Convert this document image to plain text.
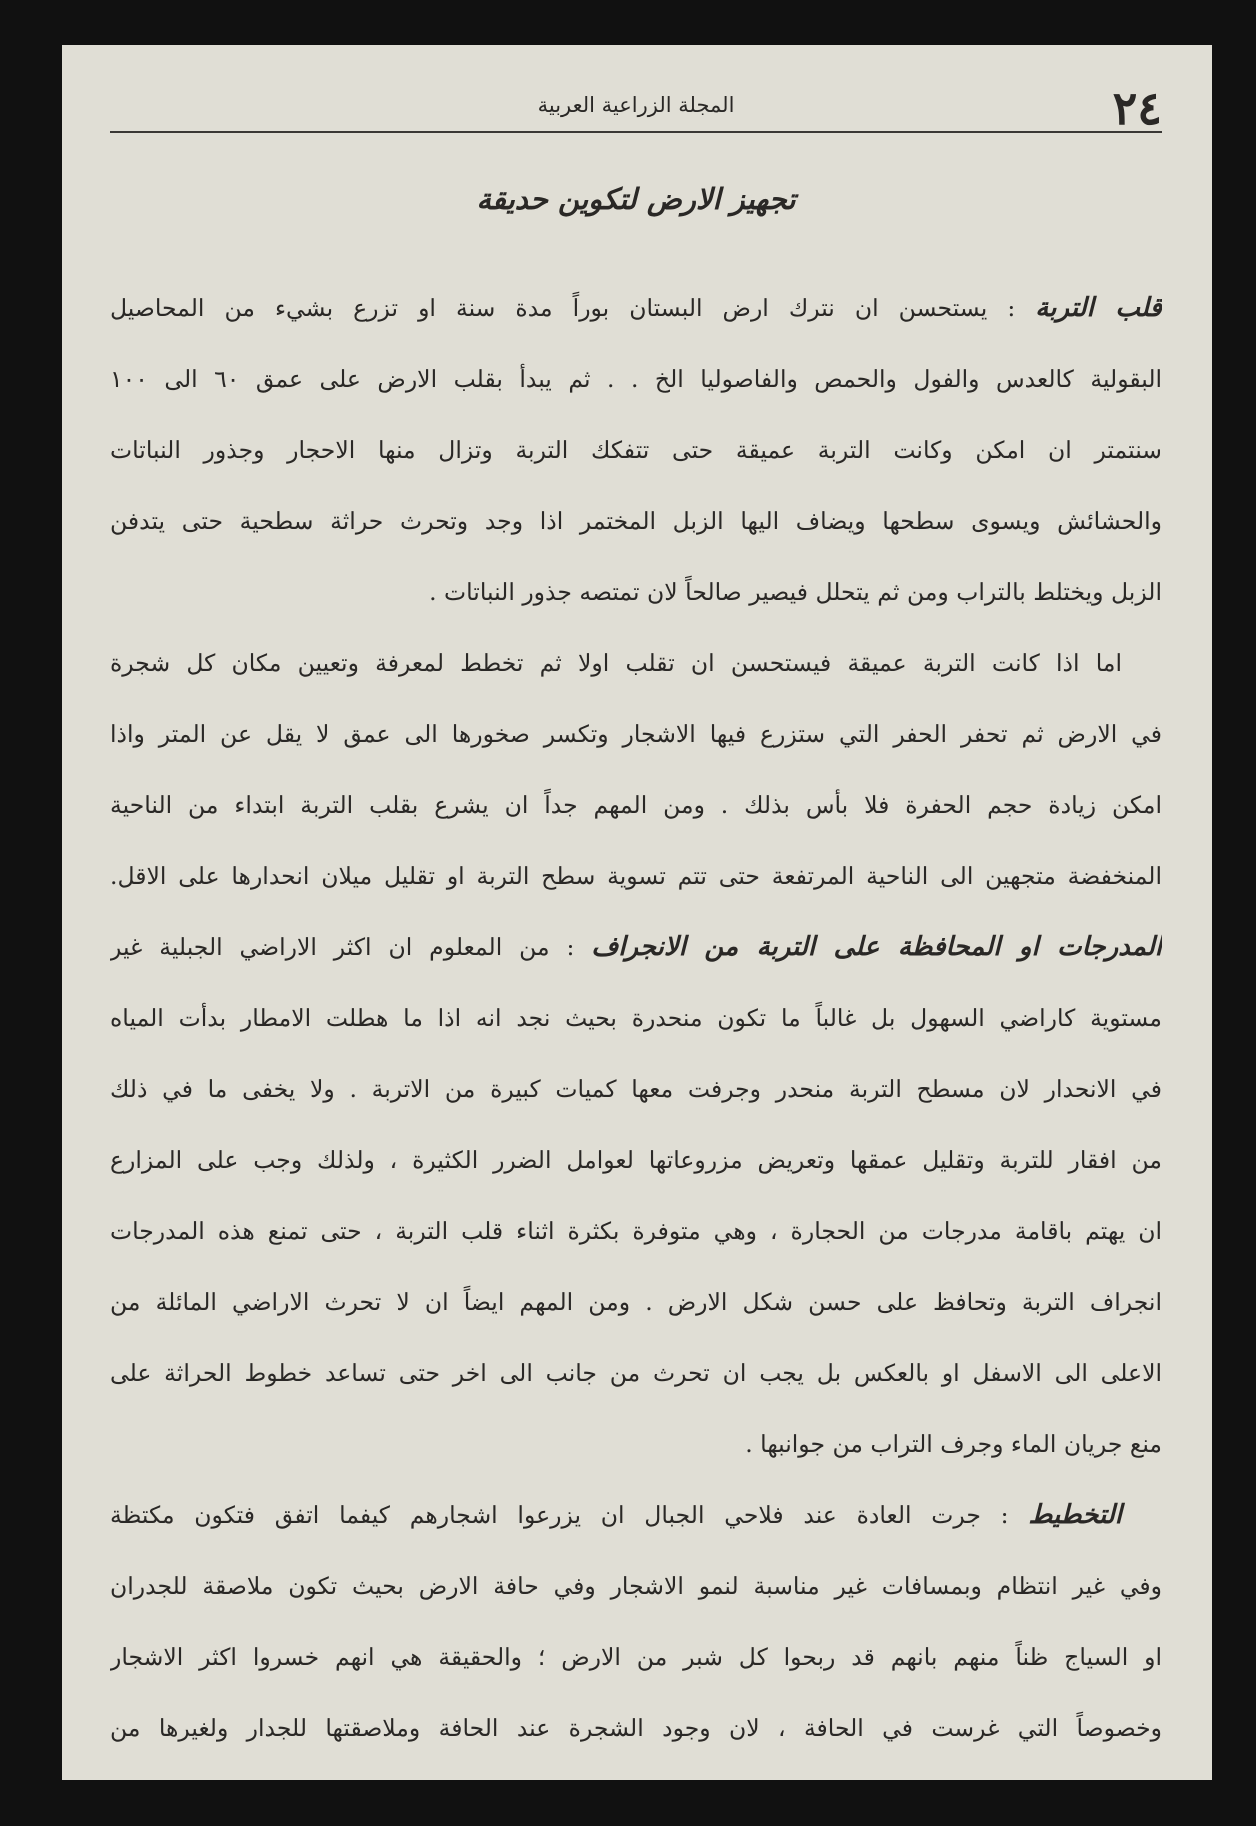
٢٤
المجلة الزراعية العربية
تجهيز الارض لتكوين حديقة
قلب التربة : يستحسن ان نترك ارض البستان بوراً مدة سنة او تزرع بشيء من المحاصيل
البقولية كالعدس والفول والحمص والفاصوليا الخ . . ثم يبدأ بقلب الارض على عمق ٦٠ الى ١٠٠
سنتمتر ان امكن وكانت التربة عميقة حتى تتفكك التربة وتزال منها الاحجار وجذور النباتات
والحشائش ويسوى سطحها ويضاف اليها الزبل المختمر اذا وجد وتحرث حراثة سطحية حتى يتدفن
الزبل ويختلط بالتراب ومن ثم يتحلل فيصير صالحاً لان تمتصه جذور النباتات .
اما اذا كانت التربة عميقة فيستحسن ان تقلب اولا ثم تخطط لمعرفة وتعيين مكان كل شجرة
في الارض ثم تحفر الحفر التي ستزرع فيها الاشجار وتكسر صخورها الى عمق لا يقل عن المتر واذا
امكن زيادة حجم الحفرة فلا بأس بذلك . ومن المهم جداً ان يشرع بقلب التربة ابتداء من الناحية
المنخفضة متجهين الى الناحية المرتفعة حتى تتم تسوية سطح التربة او تقليل ميلان انحدارها على الاقل.
المدرجات او المحافظة على التربة من الانجراف : من المعلوم ان اكثر الاراضي الجبلية غير
مستوية كاراضي السهول بل غالباً ما تكون منحدرة بحيث نجد انه اذا ما هطلت الامطار بدأت المياه
في الانحدار لان مسطح التربة منحدر وجرفت معها كميات كبيرة من الاتربة . ولا يخفى ما في ذلك
من افقار للتربة وتقليل عمقها وتعريض مزروعاتها لعوامل الضرر الكثيرة ، ولذلك وجب على المزارع
ان يهتم باقامة مدرجات من الحجارة ، وهي متوفرة بكثرة اثناء قلب التربة ، حتى تمنع هذه المدرجات
انجراف التربة وتحافظ على حسن شكل الارض . ومن المهم ايضاً ان لا تحرث الاراضي المائلة من
الاعلى الى الاسفل او بالعكس بل يجب ان تحرث من جانب الى اخر حتى تساعد خطوط الحراثة على
منع جريان الماء وجرف التراب من جوانبها .
التخطيط : جرت العادة عند فلاحي الجبال ان يزرعوا اشجارهم كيفما اتفق فتكون مكتظة
وفي غير انتظام وبمسافات غير مناسبة لنمو الاشجار وفي حافة الارض بحيث تكون ملاصقة للجدران
او السياج ظناً منهم بانهم قد ربحوا كل شبر من الارض ؛ والحقيقة هي انهم خسروا اكثر الاشجار
وخصوصاً التي غرست في الحافة ، لان وجود الشجرة عند الحافة وملاصقتها للجدار ولغيرها من
